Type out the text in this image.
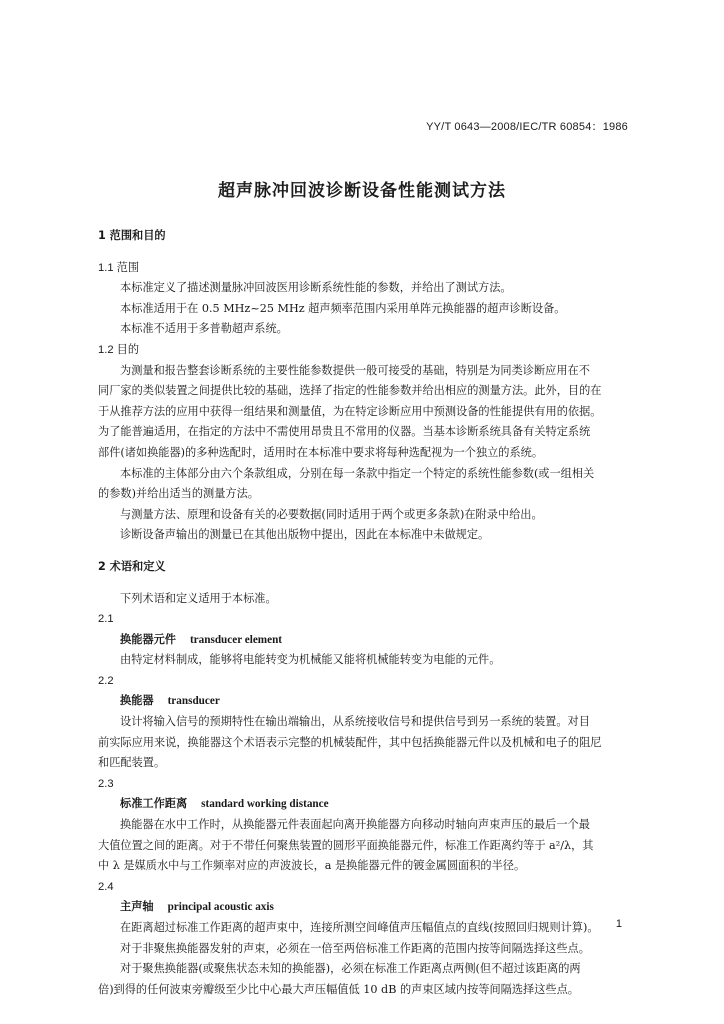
YY/T 0643—2008/IEC/TR 60854：1986
超声脉冲回波诊断设备性能测试方法
1 范围和目的
1.1 范围
本标准定义了描述测量脉冲回波医用诊断系统性能的参数，并给出了测试方法。
本标准适用于在 0.5 MHz~25 MHz 超声频率范围内采用单阵元换能器的超声诊断设备。
本标准不适用于多普勒超声系统。
1.2 目的
为测量和报告整套诊断系统的主要性能参数提供一般可接受的基础，特别是为同类诊断应用在不
同厂家的类似装置之间提供比较的基础，选择了指定的性能参数并给出相应的测量方法。此外，目的在
于从推荐方法的应用中获得一组结果和测量值，为在特定诊断应用中预测设备的性能提供有用的依据。
为了能普遍适用，在指定的方法中不需使用昂贵且不常用的仪器。当基本诊断系统具备有关特定系统
部件(诸如换能器)的多种选配时，适用时在本标准中要求将每种选配视为一个独立的系统。
本标准的主体部分由六个条款组成，分别在每一条款中指定一个特定的系统性能参数(或一组相关
的参数)并给出适当的测量方法。
与测量方法、原理和设备有关的必要数据(同时适用于两个或更多条款)在附录中给出。
诊断设备声输出的测量已在其他出版物中提出，因此在本标准中未做规定。
2 术语和定义
下列术语和定义适用于本标准。
2.1
换能器元件 transducer element
由特定材料制成，能够将电能转变为机械能又能将机械能转变为电能的元件。
2.2
换能器 transducer
设计将输入信号的预期特性在输出端输出，从系统接收信号和提供信号到另一系统的装置。对目
前实际应用来说，换能器这个术语表示完整的机械装配件，其中包括换能器元件以及机械和电子的阻尼
和匹配装置。
2.3
标准工作距离 standard working distance
换能器在水中工作时，从换能器元件表面起向离开换能器方向移动时轴向声束声压的最后一个最
大值位置之间的距离。对于不带任何聚焦装置的圆形平面换能器元件，标准工作距离约等于 a²/λ，其
中 λ 是媒质水中与工作频率对应的声波波长，a 是换能器元件的镀金属圆面积的半径。
2.4
主声轴 principal acoustic axis
在距离超过标准工作距离的超声束中，连接所测空间峰值声压幅值点的直线(按照回归规则计算)。
对于非聚焦换能器发射的声束，必须在一倍至两倍标准工作距离的范围内按等间隔选择这些点。
对于聚焦换能器(或聚焦状态未知的换能器)，必须在标准工作距离点两侧(但不超过该距离的两
倍)到得的任何波束旁瓣级至少比中心最大声压幅值低 10 dB 的声束区域内按等间隔选择这些点。
1
